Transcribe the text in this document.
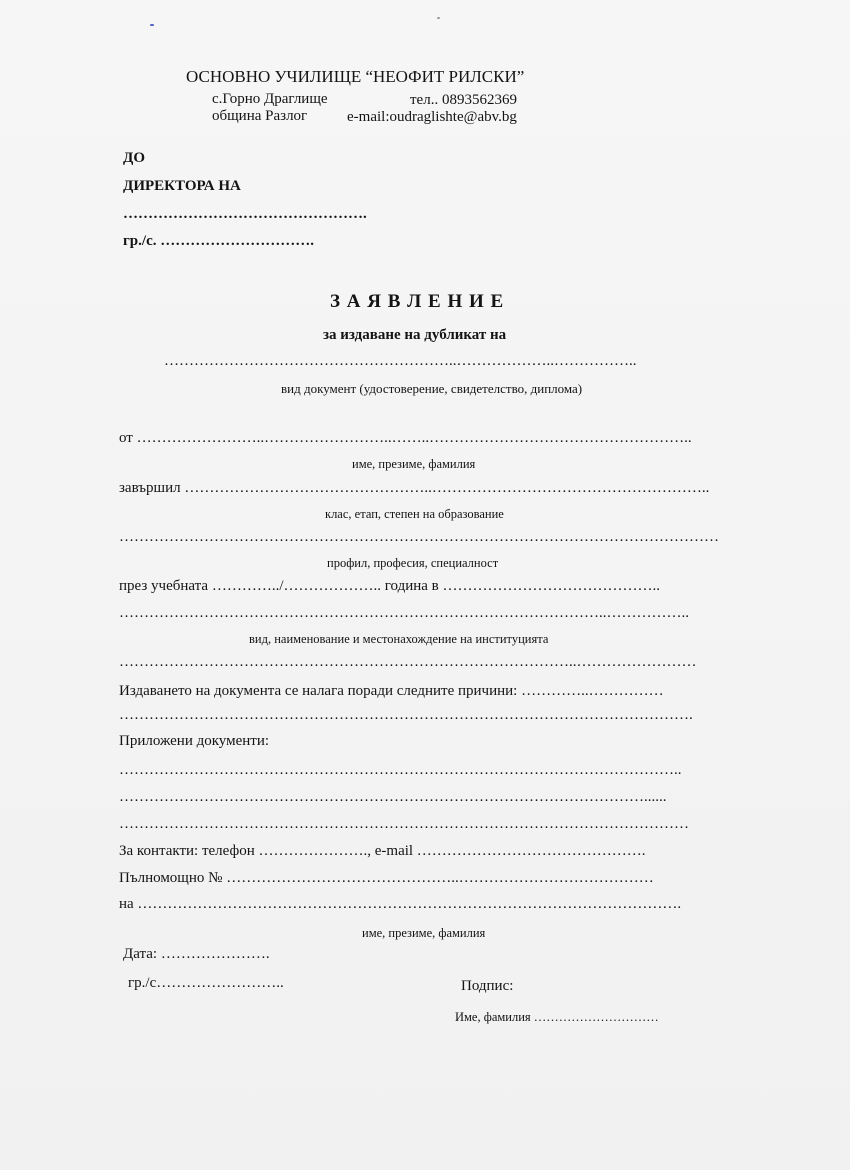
ОСНОВНО УЧИЛИЩЕ “НЕОФИТ РИЛСКИ”
с.Горно Драглище	тел.. 0893562369
община Разлог	e-mail:oudraglishte@abv.bg
ДО
ДИРЕКТОРА НА
………………………………………….
гр./с. ………………………….
З А Я В Л Е Н И Е
за издаване на дубликат на
…………………………………………………..………………..……………..
вид документ (удостоверение, свидетелство, диплома)
от ……………………..……………………..……..……………………………………………..
име, презиме, фамилия
завършил …………………………………………..………………………………………………..
клас, етап, степен на образование
…………………………………………………………………………………………………………
профил, професия, специалност
през учебната …………../……………….. година в ……………………………………..
……………………………………………………………………………………..……………..
вид, наименование и местонахождение на институцията
………………………………………………………………………………..……………………
Издаването на документа се налага поради следните причини: …………..……………
…………………………………………………………………………………………………….
Приложени документи:
…………………………………………………………………………………………………..
……………………………………………………………………………………………......
……………………………………………………………………………………………………
За контакти: телефон …………………., e-mail ……………………………………….
Пълномощно № ………………………………………..…………………………………
на ……………………………………………………………………………………………….
име, презиме, фамилия
Дата: ………………….
гр./с……………………..	Подпис:
Име, фамилия …………………………
